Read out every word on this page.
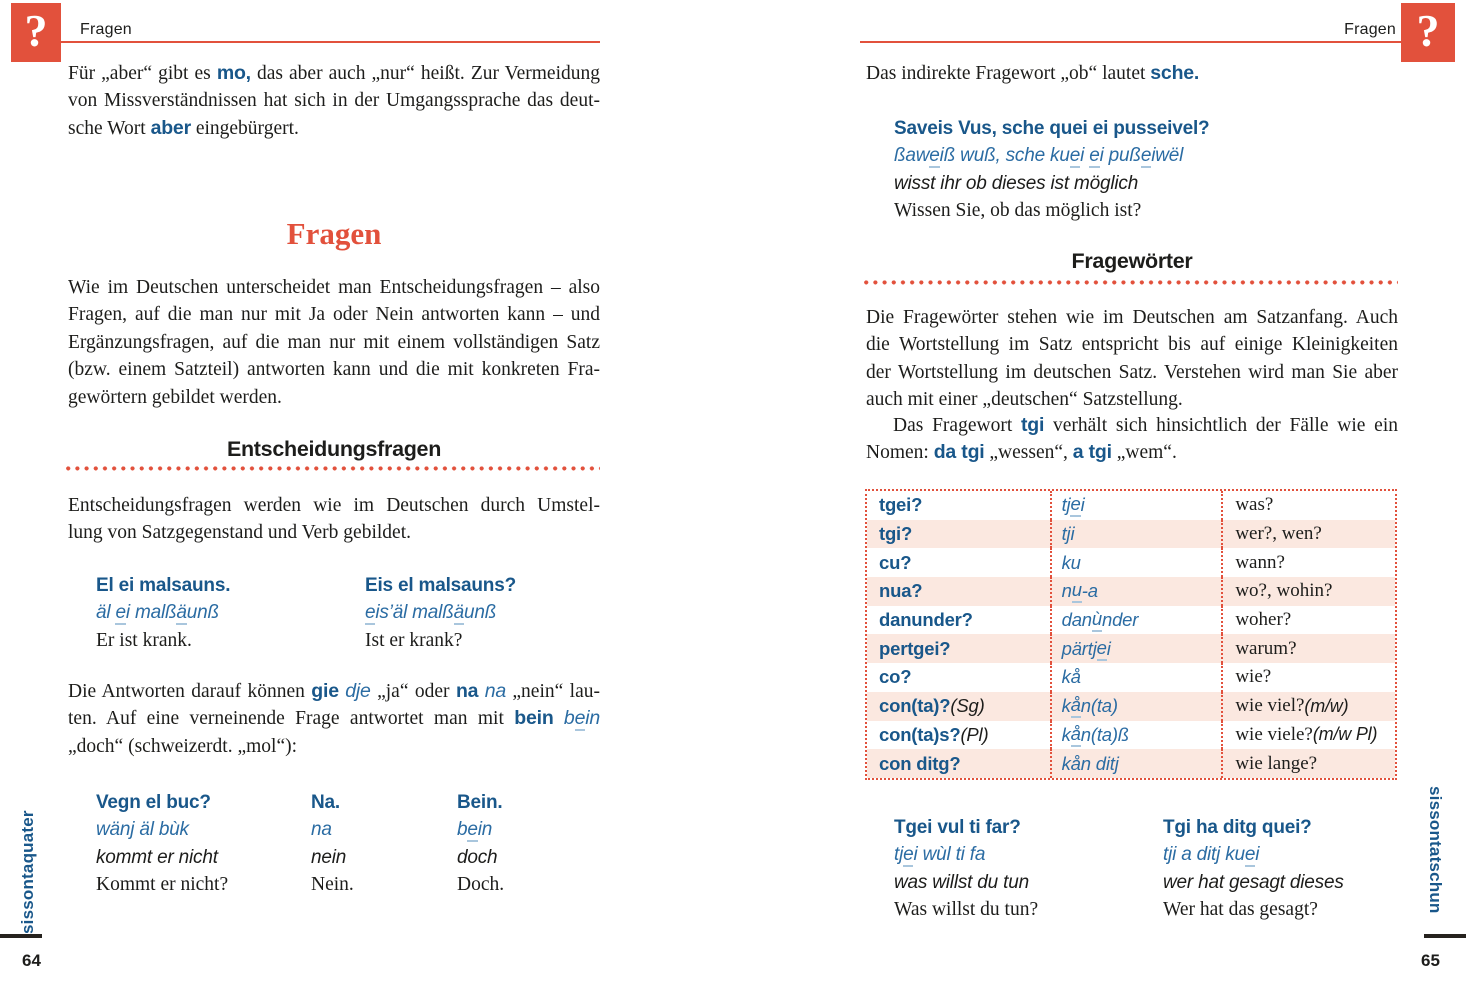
? Fragen
Für „aber“ gibt es mo, das aber auch „nur“ heißt. Zur Vermeidung
von Missverständnissen hat sich in der Umgangssprache das deut-
sche Wort aber eingebürgert.
Fragen
Wie im Deutschen unterscheidet man Entscheidungsfragen – also
Fragen, auf die man nur mit Ja oder Nein antworten kann – und
Ergänzungsfragen, auf die man nur mit einem vollständigen Satz
(bzw. einem Satzteil) antworten kann und die mit konkreten Fra-
gewörtern gebildet werden.
Entscheidungsfragen
Entscheidungsfragen werden wie im Deutschen durch Umstel-
lung von Satzgegenstand und Verb gebildet.
El ei malsauns.
äl ei malßäunß
Er ist krank.
Eis el malsauns?
eis’äl malßäunß
Ist er krank?
Die Antworten darauf können gie dje „ja“ oder na na „nein“ lau-
ten. Auf eine verneinende Frage antwortet man mit bein bein
„doch“ (schweizerdt. „mol“):
Vegn el buc?
wänj äl bùk
kommt er nicht
Kommt er nicht?
Na.
na
nein
Nein.
Bein.
bein
doch
Doch.
sissontaquater
64
?
Fragen
Das indirekte Fragewort „ob“ lautet sche.
Saveis Vus, sche quei ei pusseivel?
ßaweiß wuß, sche kuei ei pußeiwël
wisst ihr ob dieses ist möglich
Wissen Sie, ob das möglich ist?
Fragewörter
Die Fragewörter stehen wie im Deutschen am Satzanfang. Auch
die Wortstellung im Satz entspricht bis auf einige Kleinigkeiten
der Wortstellung im deutschen Satz. Verstehen wird man Sie aber
auch mit einer „deutschen“ Satzstellung.
Das Fragewort tgi verhält sich hinsichtlich der Fälle wie ein
Nomen: da tgi „wessen“, a tgi „wem“.
tgei?	tj e i	was?
tgi?	tji	wer?, wen?
cu?	ku	wann?
nua?	n u -a	wo?, wohin?
danunder?	dan ù nder	woher?
pertgei?	pärtj e i	warum?
co?	kå	wie?
con(ta)? (Sg)	k å n(ta)	wie viel? (m/w)
con(ta)s? (Pl)	k å n(ta)ß	wie viele? (m/w Pl)
con ditg?	kån ditj	wie lange?
Tgei vul ti far?
tjei wùl ti fa
was willst du tun
Was willst du tun?
Tgi ha ditg quei?
tji a ditj kuei
wer hat gesagt dieses
Wer hat das gesagt?	sissontatschun
65
